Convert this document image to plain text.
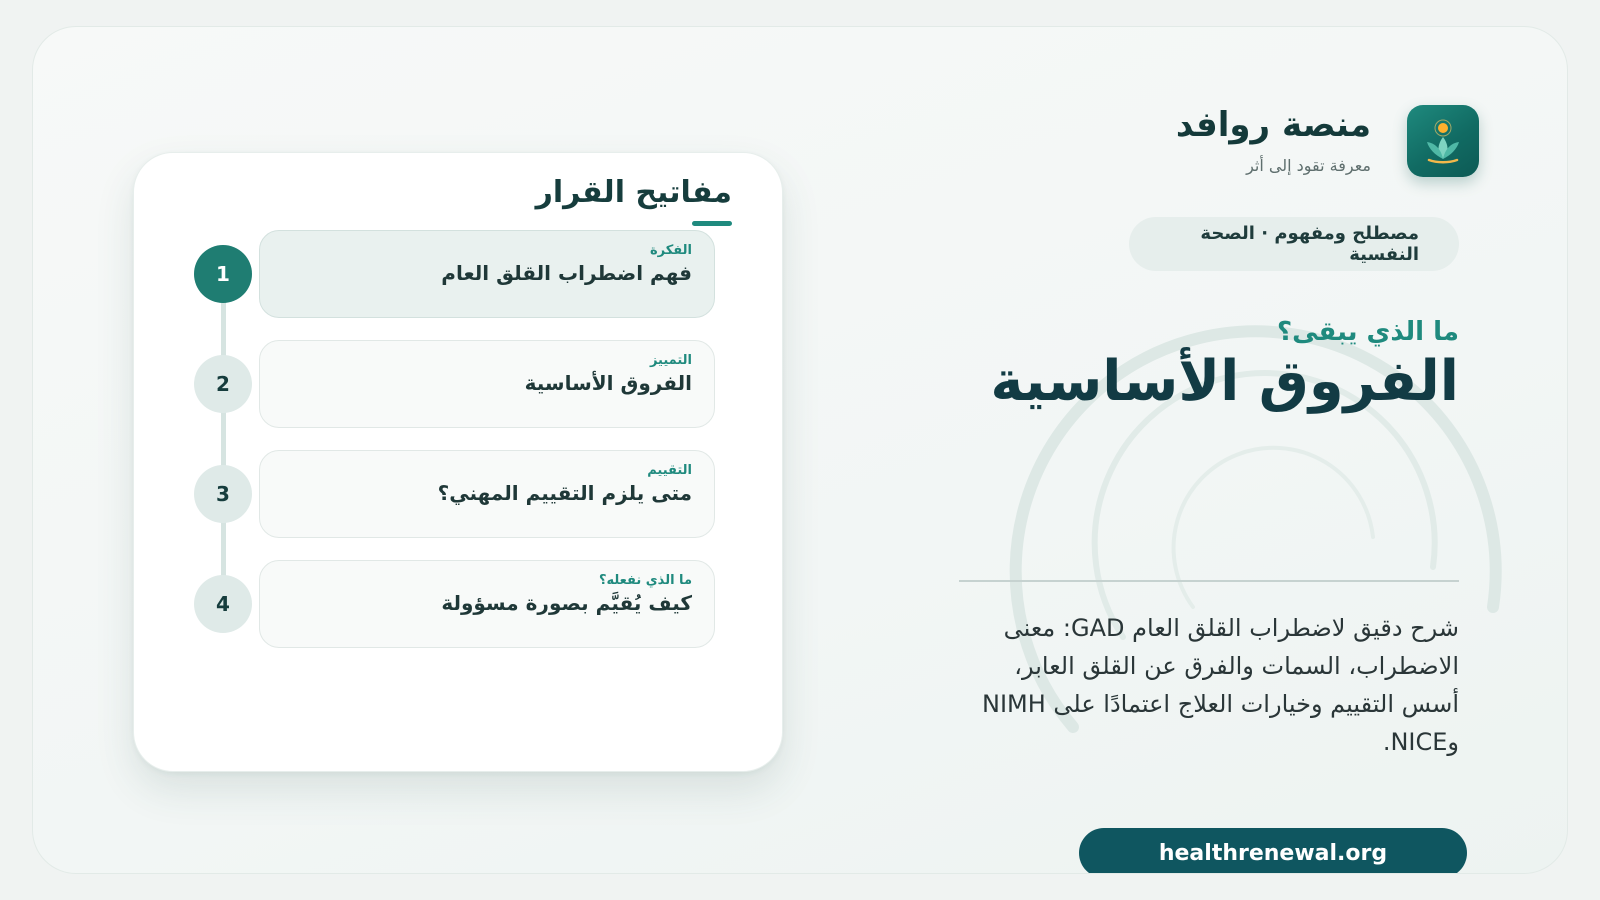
منصة روافد
معرفة تقود إلى أثر
مصطلح ومفهوم · الصحة النفسية
ما الذي يبقى؟
الفروق الأساسية
شرح دقيق لاضطراب القلق العام GAD: معنى الاضطراب، السمات والفرق عن القلق العابر، أسس التقييم وخيارات العلاج اعتمادًا على NIMH وNICE.
healthrenewal.org
مفاتيح القرار
1
الفكرة
فهم اضطراب القلق العام
2
التمييز
الفروق الأساسية
3
التقييم
متى يلزم التقييم المهني؟
4
ما الذي نفعله؟
كيف يُقيَّم بصورة مسؤولة
